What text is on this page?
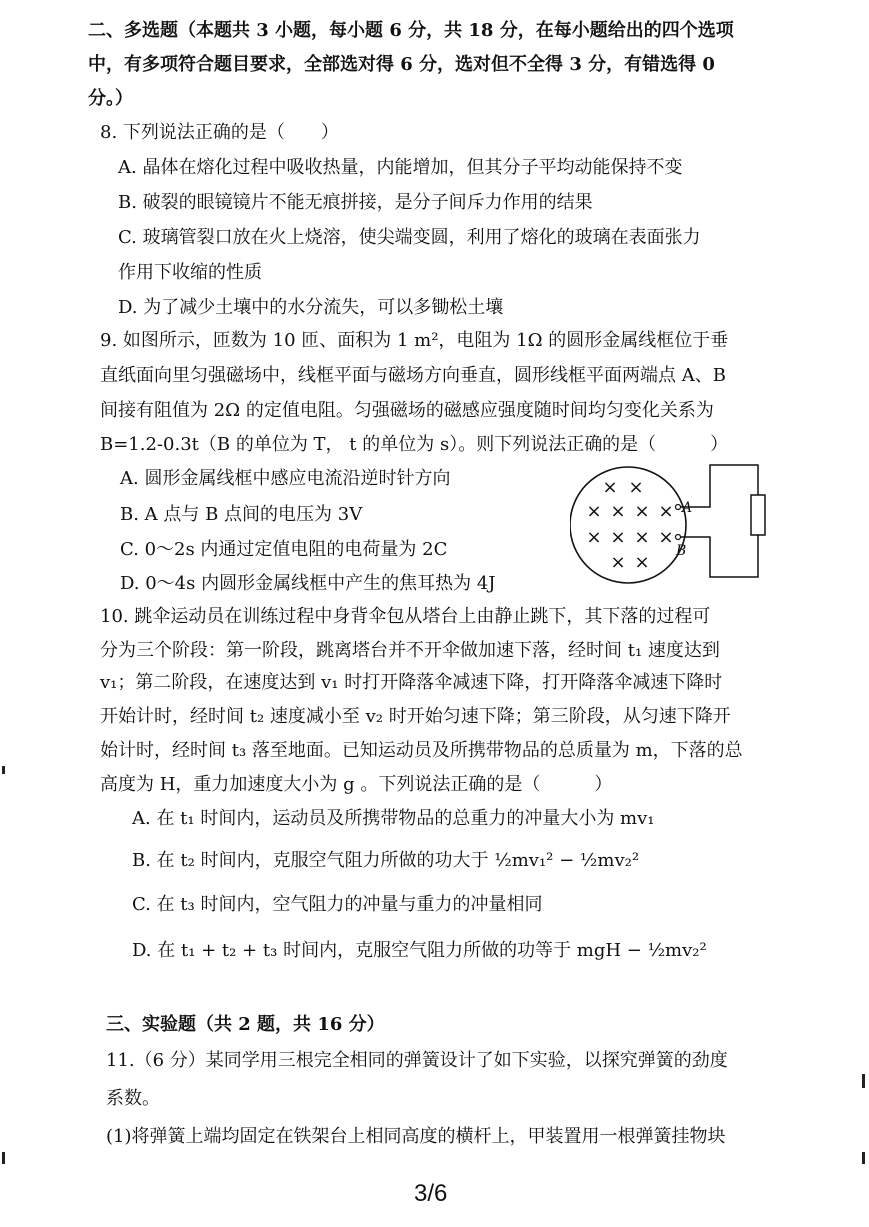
二、多选题（本题共 3 小题，每小题 6 分，共 18 分，在每小题给出的四个选项
中，有多项符合题目要求，全部选对得 6 分，选对但不全得 3 分，有错选得 0
分。）
8. 下列说法正确的是（　　）
A. 晶体在熔化过程中吸收热量，内能增加，但其分子平均动能保持不变
B. 破裂的眼镜镜片不能无痕拼接，是分子间斥力作用的结果
C. 玻璃管裂口放在火上烧溶，使尖端变圆，利用了熔化的玻璃在表面张力
作用下收缩的性质
D. 为了减少土壤中的水分流失，可以多锄松土壤
9. 如图所示，匝数为 10 匝、面积为 1 m²，电阻为 1Ω 的圆形金属线框位于垂
直纸面向里匀强磁场中，线框平面与磁场方向垂直，圆形线框平面两端点 A、B
间接有阻值为 2Ω 的定值电阻。匀强磁场的磁感应强度随时间均匀变化关系为
B=1.2-0.3t（B 的单位为 T， t 的单位为 s）。则下列说法正确的是（　　　）
A. 圆形金属线框中感应电流沿逆时针方向
B. A 点与 B 点间的电压为 3V
C. 0～2s 内通过定值电阻的电荷量为 2C
D. 0～4s 内圆形金属线框中产生的焦耳热为 4J
× ×
× × × ×
× × × ×
× ×
A
B
10. 跳伞运动员在训练过程中身背伞包从塔台上由静止跳下，其下落的过程可
分为三个阶段：第一阶段，跳离塔台并不开伞做加速下落，经时间 t₁ 速度达到
v₁；第二阶段，在速度达到 v₁ 时打开降落伞减速下降，打开降落伞减速下降时
开始计时，经时间 t₂ 速度减小至 v₂ 时开始匀速下降；第三阶段，从匀速下降开
始计时，经时间 t₃ 落至地面。已知运动员及所携带物品的总质量为 m，下落的总
高度为 H，重力加速度大小为 g 。下列说法正确的是（　　　）
A. 在 t₁ 时间内，运动员及所携带物品的总重力的冲量大小为 mv₁
B. 在 t₂ 时间内，克服空气阻力所做的功大于 ½mv₁² − ½mv₂²
C. 在 t₃ 时间内，空气阻力的冲量与重力的冲量相同
D. 在 t₁ + t₂ + t₃ 时间内，克服空气阻力所做的功等于 mgH − ½mv₂²
三、实验题（共 2 题，共 16 分）
11.（6 分）某同学用三根完全相同的弹簧设计了如下实验，以探究弹簧的劲度
系数。
(1)将弹簧上端均固定在铁架台上相同高度的横杆上，甲装置用一根弹簧挂物块
3/6
